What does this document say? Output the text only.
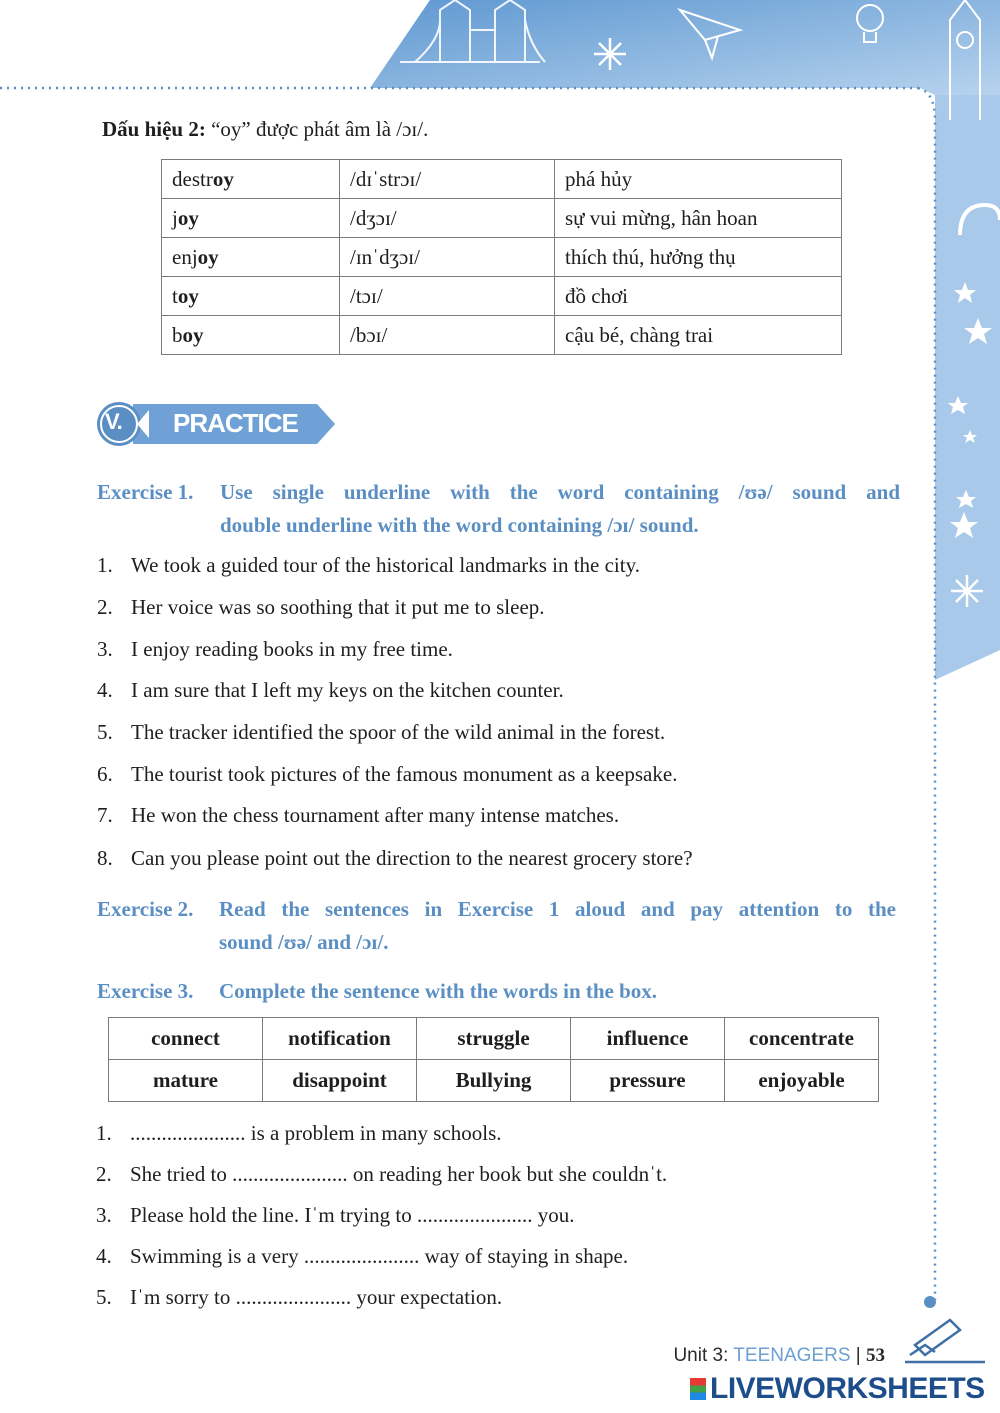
Dấu hiệu 2: “oy” được phát âm là /ɔɪ/.
destroy	/dɪˈstrɔɪ/	phá hủy
joy	/dʒɔɪ/	sự vui mừng, hân hoan
enjoy	/ɪnˈdʒɔɪ/	thích thú, hưởng thụ
toy	/tɔɪ/	đồ chơi
boy	/bɔɪ/	cậu bé, chàng trai
V. PRACTICE
Exercise 1. Use single underline with the word containing /ʊə/ sound and
double underline with the word containing /ɔɪ/ sound.
1. We took a guided tour of the historical landmarks in the city.
2. Her voice was so soothing that it put me to sleep.
3. I enjoy reading books in my free time.
4. I am sure that I left my keys on the kitchen counter.
5. The tracker identified the spoor of the wild animal in the forest.
6. The tourist took pictures of the famous monument as a keepsake.
7. He won the chess tournament after many intense matches.
8. Can you please point out the direction to the nearest grocery store?
Exercise 2. Read the sentences in Exercise 1 aloud and pay attention to the
sound /ʊə/ and /ɔɪ/.
Exercise 3. Complete the sentence with the words in the box.
connect	notification	struggle	influence	concentrate
mature	disappoint	Bullying	pressure	enjoyable
1. ...................... is a problem in many schools.
2. She tried to ...................... on reading her book but she couldnˈt.
3. Please hold the line. Iˈm trying to ...................... you.
4. Swimming is a very ...................... way of staying in shape.
5. Iˈm sorry to ...................... your expectation.
Unit 3: TEENAGERS | 53
LIVEWORKSHEETS
